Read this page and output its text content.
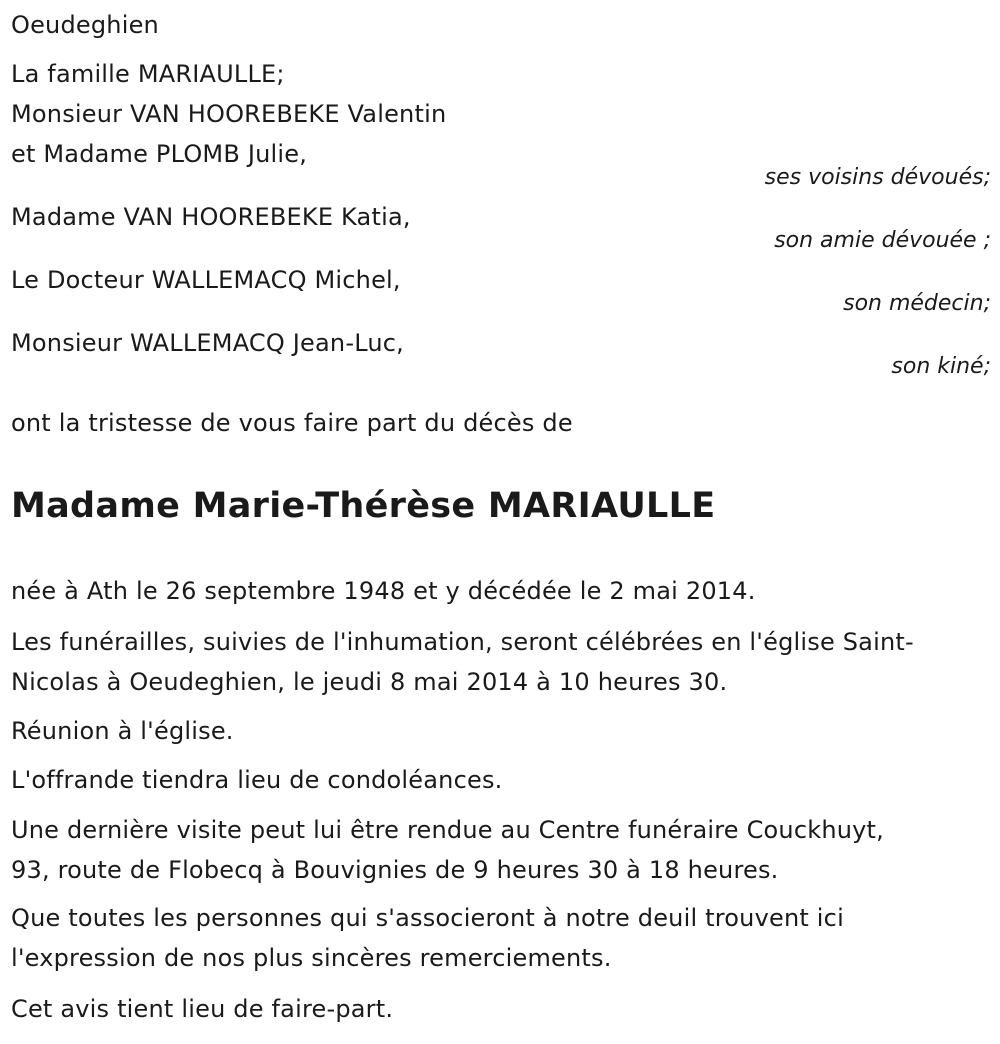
Oeudeghien
La famille MARIAULLE;
Monsieur VAN HOOREBEKE Valentin
et Madame PLOMB Julie,
ses voisins dévoués;
Madame VAN HOOREBEKE Katia,
son amie dévouée ;
Le Docteur WALLEMACQ Michel,
son médecin;
Monsieur WALLEMACQ Jean-Luc,
son kiné;
ont la tristesse de vous faire part du décès de
Madame Marie-Thérèse MARIAULLE
née à Ath le 26 septembre 1948 et y décédée le 2 mai 2014.
Les funérailles, suivies de l'inhumation, seront célébrées en l'église Saint-
Nicolas à Oeudeghien, le jeudi 8 mai 2014 à 10 heures 30.
Réunion à l'église.
L'offrande tiendra lieu de condoléances.
Une dernière visite peut lui être rendue au Centre funéraire Couckhuyt,
93, route de Flobecq à Bouvignies de 9 heures 30 à 18 heures.
Que toutes les personnes qui s'associeront à notre deuil trouvent ici
l'expression de nos plus sincères remerciements.
Cet avis tient lieu de faire-part.
